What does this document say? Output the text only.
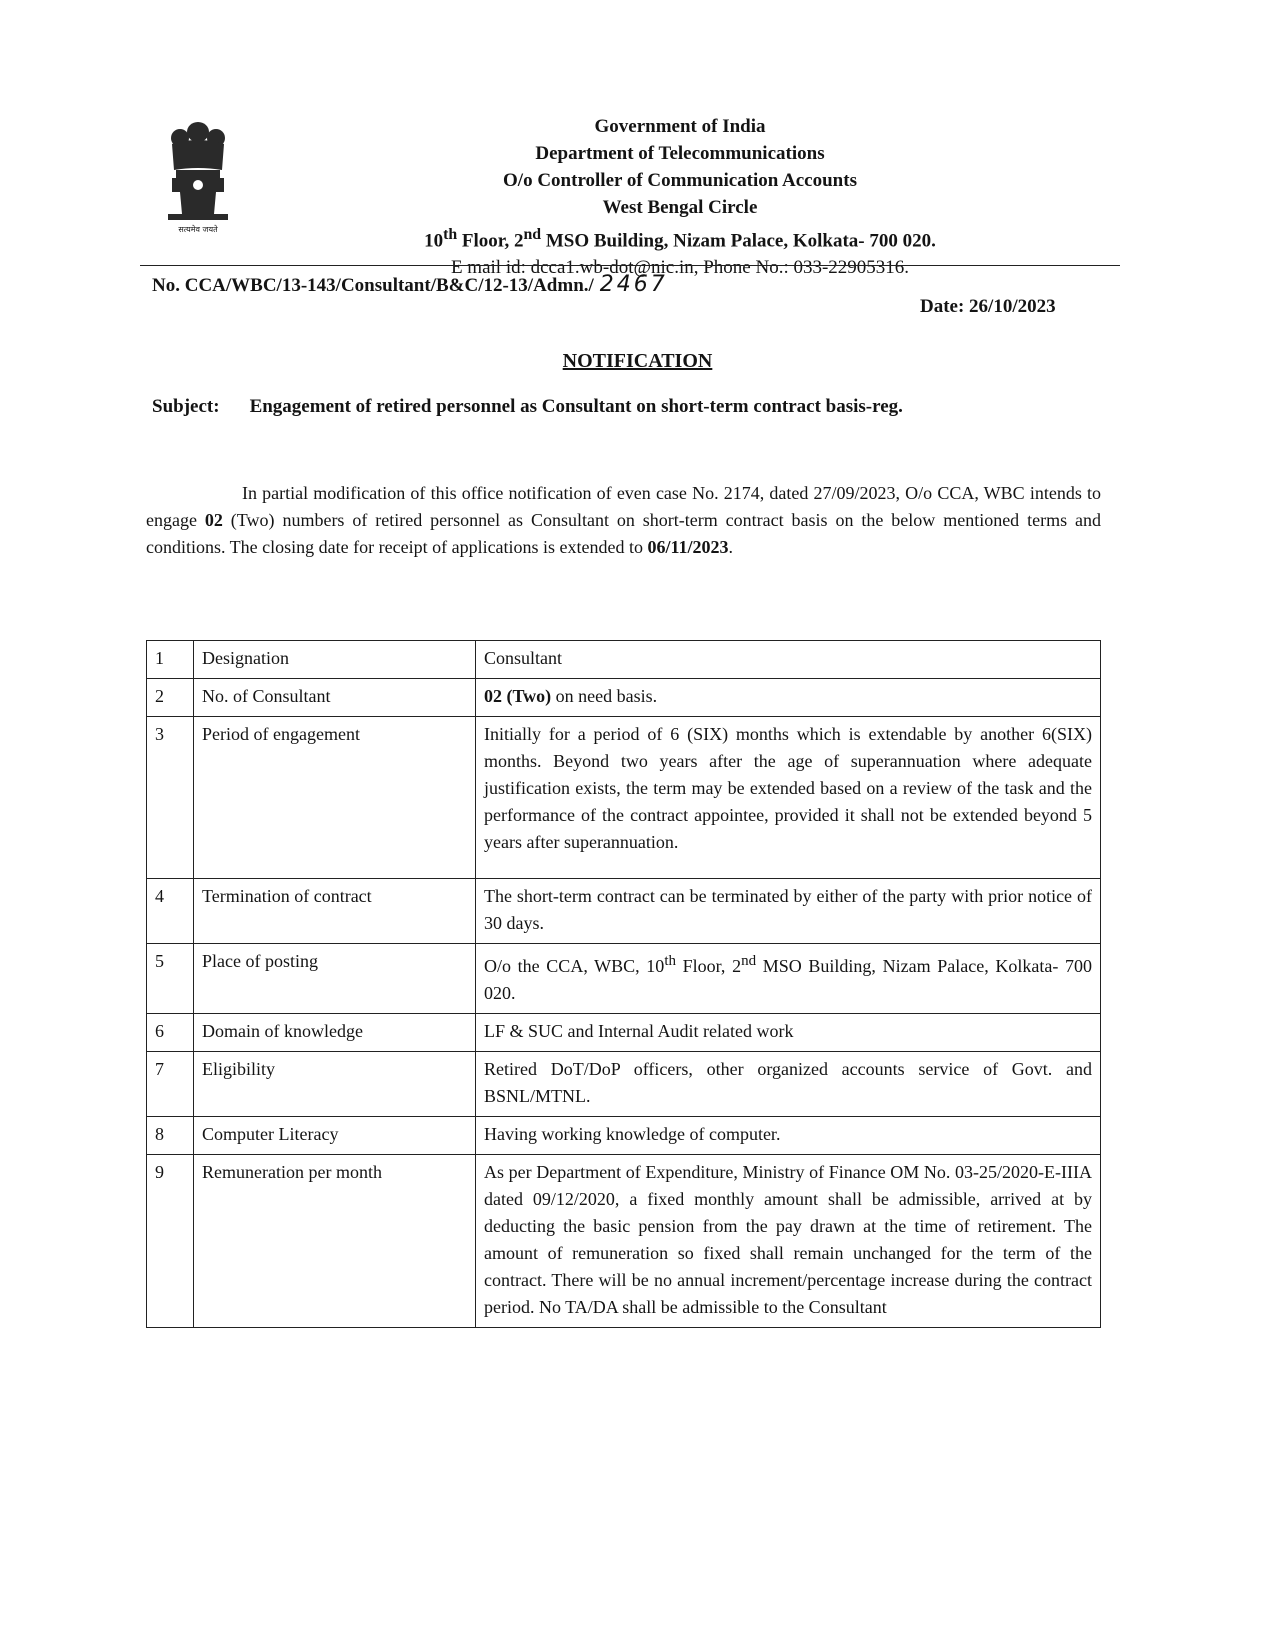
सत्यमेव जयते
Government of India
Department of Telecommunications
O/o Controller of Communication Accounts
West Bengal Circle
10th Floor, 2nd MSO Building, Nizam Palace, Kolkata- 700 020.
E mail id: dcca1.wb-dot@nic.in, Phone No.: 033-22905316.
No. CCA/WBC/13-143/Consultant/B&C/12-13/Admn./ 2467
Date: 26/10/2023
NOTIFICATION
Subject: Engagement of retired personnel as Consultant on short-term contract basis-reg.
In partial modification of this office notification of even case No. 2174, dated 27/09/2023, O/o CCA, WBC intends to engage 02 (Two) numbers of retired personnel as Consultant on short-term contract basis on the below mentioned terms and conditions. The closing date for receipt of applications is extended to 06/11/2023.
1	Designation	Consultant
2	No. of Consultant	02 (Two) on need basis.
3	Period of engagement	Initially for a period of 6 (SIX) months which is extendable by another 6(SIX) months. Beyond two years after the age of superannuation where adequate justification exists, the term may be extended based on a review of the task and the performance of the contract appointee, provided it shall not be extended beyond 5 years after superannuation.
4	Termination of contract	The short-term contract can be terminated by either of the party with prior notice of 30 days.
5	Place of posting	O/o the CCA, WBC, 10th Floor, 2nd MSO Building, Nizam Palace, Kolkata- 700 020.
6	Domain of knowledge	LF & SUC and Internal Audit related work
7	Eligibility	Retired DoT/DoP officers, other organized accounts service of Govt. and BSNL/MTNL.
8	Computer Literacy	Having working knowledge of computer.
9	Remuneration per month	As per Department of Expenditure, Ministry of Finance OM No. 03-25/2020-E-IIIA dated 09/12/2020, a fixed monthly amount shall be admissible, arrived at by deducting the basic pension from the pay drawn at the time of retirement. The amount of remuneration so fixed shall remain unchanged for the term of the contract. There will be no annual increment/percentage increase during the contract period. No TA/DA shall be admissible to the Consultant
